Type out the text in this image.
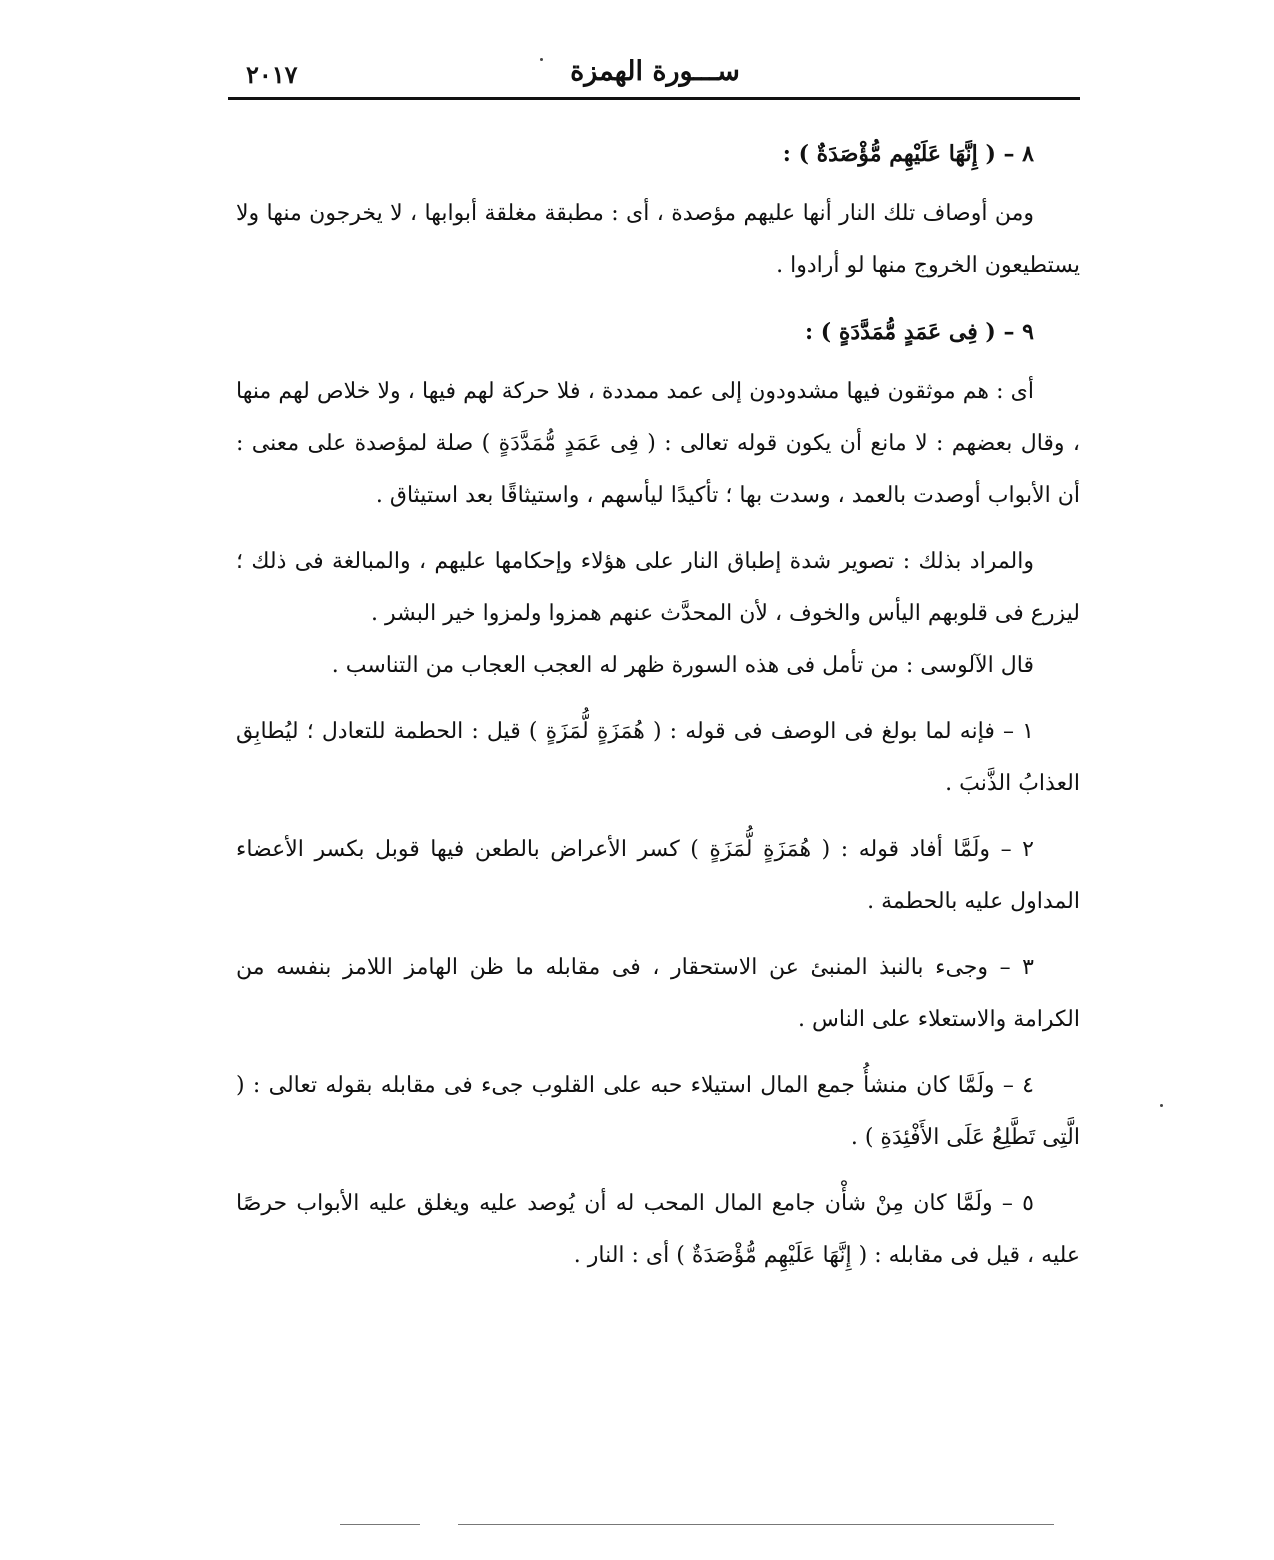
ســـورة الهمزة
٢٠١٧

٨ – ( إِنَّهَا عَلَيْهِم مُّؤْصَدَةٌ ) :

ومن أوصاف تلك النار أنها عليهم مؤصدة ، أى : مطبقة مغلقة أبوابها ، لا يخرجون منها ولا يستطيعون الخروج منها لو أرادوا .

٩ – ( فِى عَمَدٍ مُّمَدَّدَةٍ ) :

أى : هم موثقون فيها مشدودون إلى عمد ممددة ، فلا حركة لهم فيها ، ولا خلاص لهم منها ، وقال بعضهم : لا مانع أن يكون قوله تعالى : ( فِى عَمَدٍ مُّمَدَّدَةٍ ) صلة لمؤصدة على معنى : أن الأبواب أوصدت بالعمد ، وسدت بها ؛ تأكيدًا ليأسهم ، واستيثاقًا بعد استيثاق .

والمراد بذلك : تصوير شدة إطباق النار على هؤلاء وإحكامها عليهم ، والمبالغة فى ذلك ؛ ليزرع فى قلوبهم اليأس والخوف ، لأن المحدَّث عنهم همزوا ولمزوا خير البشر .

قال الآلوسى : من تأمل فى هذه السورة ظهر له العجب العجاب من التناسب .

١ – فإنه لما بولغ فى الوصف فى قوله : ( هُمَزَةٍ لُّمَزَةٍ ) قيل : الحطمة للتعادل ؛ ليُطابِق العذابُ الذَّنبَ .

٢ – ولَمَّا أفاد قوله : ( هُمَزَةٍ لُّمَزَةٍ ) كسر الأعراض بالطعن فيها قوبل بكسر الأعضاء المداول عليه بالحطمة .

٣ – وجىء بالنبذ المنبئ عن الاستحقار ، فى مقابله ما ظن الهامز اللامز بنفسه من الكرامة والاستعلاء على الناس .

٤ – ولَمَّا كان منشأُ جمع المال استيلاء حبه على القلوب جىء فى مقابله بقوله تعالى : ( الَّتِى تَطَّلِعُ عَلَى الأَفْئِدَةِ ) .

٥ – ولَمَّا كان مِنْ شأْن جامع المال المحب له أن يُوصد عليه ويغلق عليه الأبواب حرصًا عليه ، قيل فى مقابله : ( إِنَّهَا عَلَيْهِم مُّؤْصَدَةٌ ) أى : النار .
